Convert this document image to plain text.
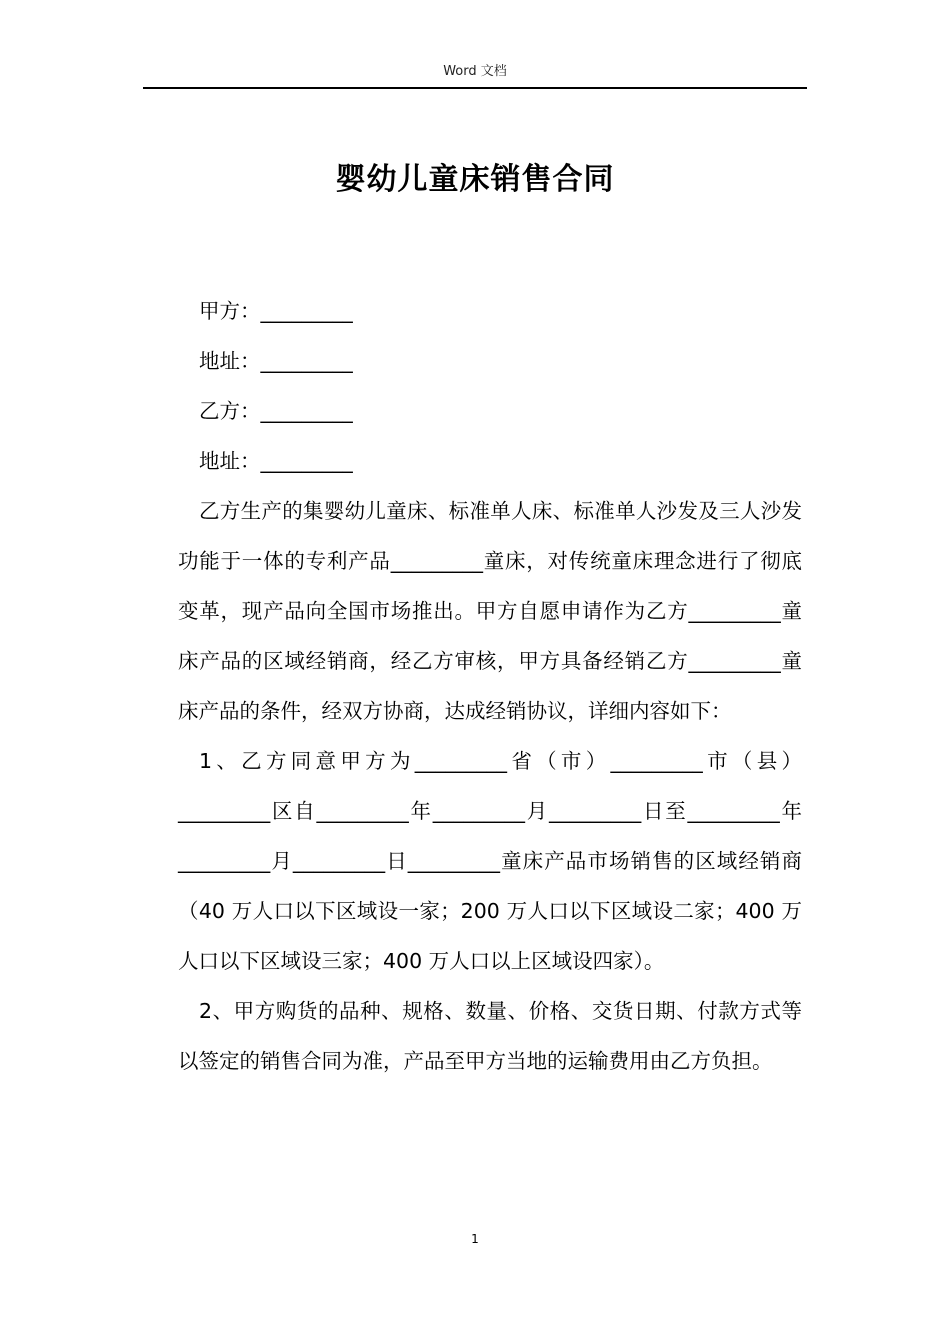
Word 文档
婴幼儿童床销售合同

甲方：_________

地址：_________

乙方：_________

地址：_________

乙方生产的集婴幼儿童床、标准单人床、标准单人沙发及三人沙发功能于一体的专利产品_________童床，对传统童床理念进行了彻底变革，现产品向全国市场推出。甲方自愿申请作为乙方_________童床产品的区域经销商，经乙方审核，甲方具备经销乙方_________童床产品的条件，经双方协商，达成经销协议，详细内容如下：

1、乙方同意甲方为_________省（市）_________市（县）_________区自_________年_________月_________日至_________年_________月_________日_________童床产品市场销售的区域经销商（40 万人口以下区域设一家；200 万人口以下区域设二家；400 万人口以下区域设三家；400 万人口以上区域设四家）。

2、甲方购货的品种、规格、数量、价格、交货日期、付款方式等以签定的销售合同为准，产品至甲方当地的运输费用由乙方负担。

1
